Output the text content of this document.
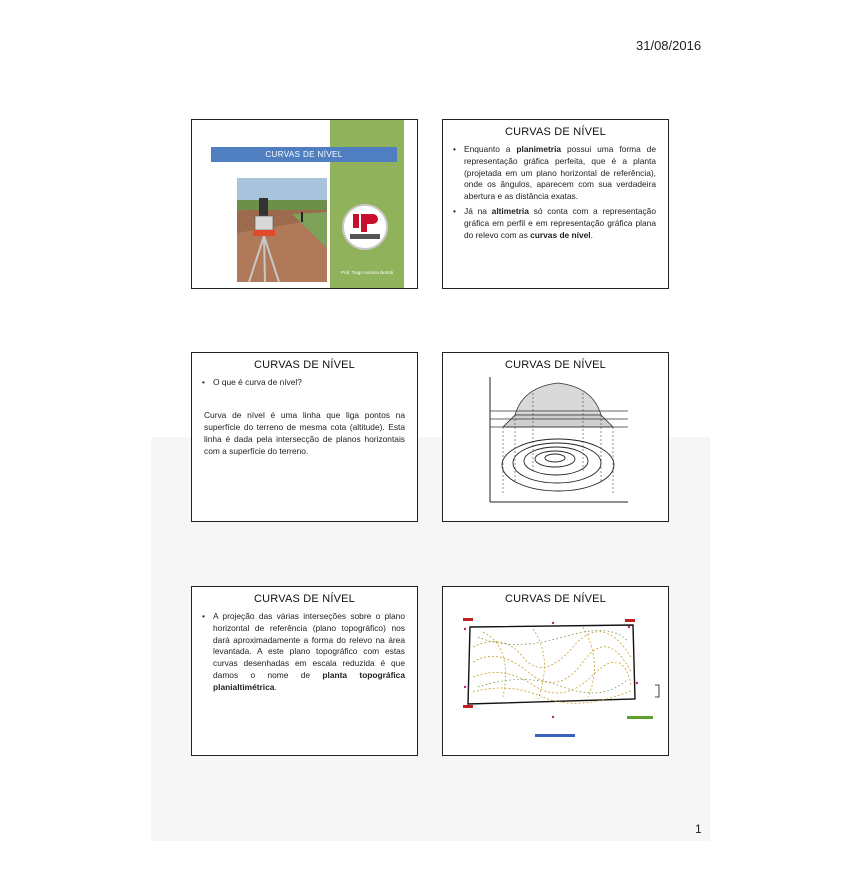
31/08/2016
CURVAS DE NÍVEL
Prof. Tiago Antonio Bertoli
CURVAS DE NÍVEL
• Enquanto a planimetria possui uma forma de representação gráfica perfeita, que é a planta (projetada em um plano horizontal de referência), onde os ângulos, aparecem com sua verdadeira abertura e as distância exatas.
• Já na altimetria só conta com a representação gráfica em perfil e em representação gráfica plana do relevo com as curvas de nível.
CURVAS DE NÍVEL
• O que é curva de nível?
Curva de nível é uma linha que liga pontos na superfície do terreno de mesma cota (altitude). Esta linha é dada pela intersecção de planos horizontais com a superfície do terreno.
CURVAS DE NÍVEL
CURVAS DE NÍVEL
• A projeção das várias interseções sobre o plano horizontal de referência (plano topográfico) nos dará aproximadamente a forma do relevo na área levantada. A este plano topográfico com estas curvas desenhadas em escala reduzida é que damos o nome de planta topográfica planialtimétrica.
CURVAS DE NÍVEL
1
